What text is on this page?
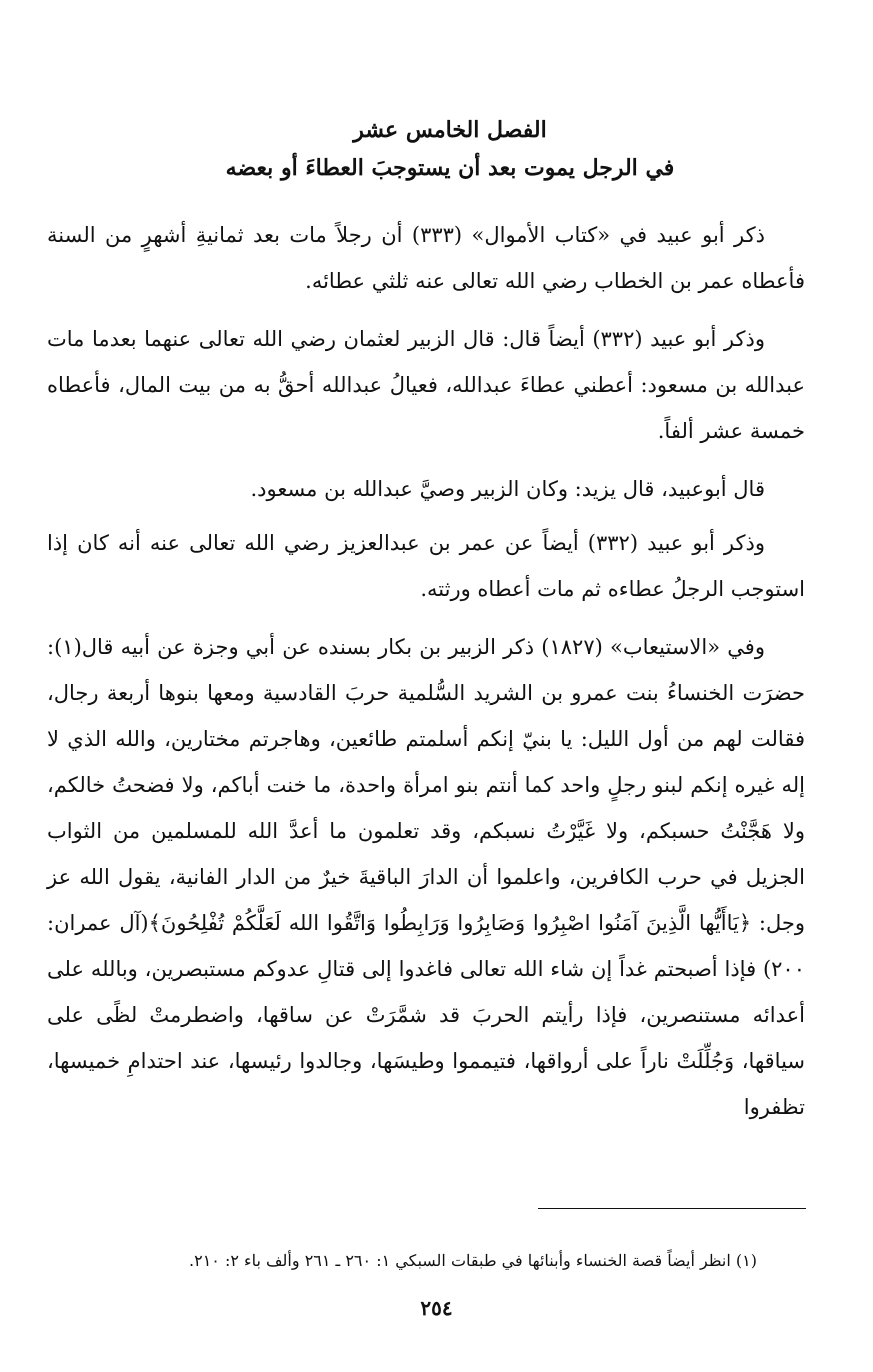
الفصل الخامس عشر

في الرجل يموت بعد أن يستوجبَ العطاءَ أو بعضه

ذكر أبو عبيد في «كتاب الأموال» (٣٣٣) أن رجلاً مات بعد ثمانيةِ أشهرٍ من السنة فأعطاه عمر بن الخطاب رضي الله تعالى عنه ثلثي عطائه.

وذكر أبو عبيد (٣٣٢) أيضاً قال: قال الزبير لعثمان رضي الله تعالى عنهما بعدما مات عبدالله بن مسعود: أعطني عطاءَ عبدالله، فعيالُ عبدالله أحقُّ به من بيت المال، فأعطاه خمسة عشر ألفاً.

قال أبوعبيد، قال يزيد: وكان الزبير وصيَّ عبدالله بن مسعود.

وذكر أبو عبيد (٣٣٢) أيضاً عن عمر بن عبدالعزيز رضي الله تعالى عنه أنه كان إذا استوجب الرجلُ عطاءه ثم مات أعطاه ورثته.

وفي «الاستيعاب» (١٨٢٧) ذكر الزبير بن بكار بسنده عن أبي وجزة عن أبيه قال(١): حضرَت الخنساءُ بنت عمرو بن الشريد السُّلمية حربَ القادسية ومعها بنوها أربعة رجال، فقالت لهم من أول الليل: يا بنيّ إنكم أسلمتم طائعين، وهاجرتم مختارين، والله الذي لا إله غيره إنكم لبنو رجلٍ واحد كما أنتم بنو امرأة واحدة، ما خنت أباكم، ولا فضحتُ خالكم، ولا هَجَّنْتُ حسبكم، ولا غَيَّرْتُ نسبكم، وقد تعلمون ما أعدَّ الله للمسلمين من الثواب الجزيل في حرب الكافرين، واعلموا أن الدارَ الباقيةَ خيرٌ من الدار الفانية، يقول الله عز وجل: ﴿يَاأَيُّها الَّذِينَ آمَنُوا اصْبِرُوا وَصَابِرُوا وَرَابِطُوا وَاتَّقُوا الله لَعَلَّكُمْ تُفْلِحُونَ﴾(آل عمران: ٢٠٠) فإذا أصبحتم غداً إن شاء الله تعالى فاغدوا إلى قتالِ عدوكم مستبصرين، وبالله على أعدائه مستنصرين، فإذا رأيتم الحربَ قد شمَّرَتْ عن ساقها، واضطرمتْ لظًى على سياقها، وَجُلِّلَتْ ناراً على أرواقها، فتيمموا وطيسَها، وجالدوا رئيسها، عند احتدامِ خميسها، تظفروا

(١) انظر أيضاً قصة الخنساء وأبنائها في طبقات السبكي ١: ٢٦٠ ـ ٢٦١ وألف باء ٢: ٢١٠.

٢٥٤
